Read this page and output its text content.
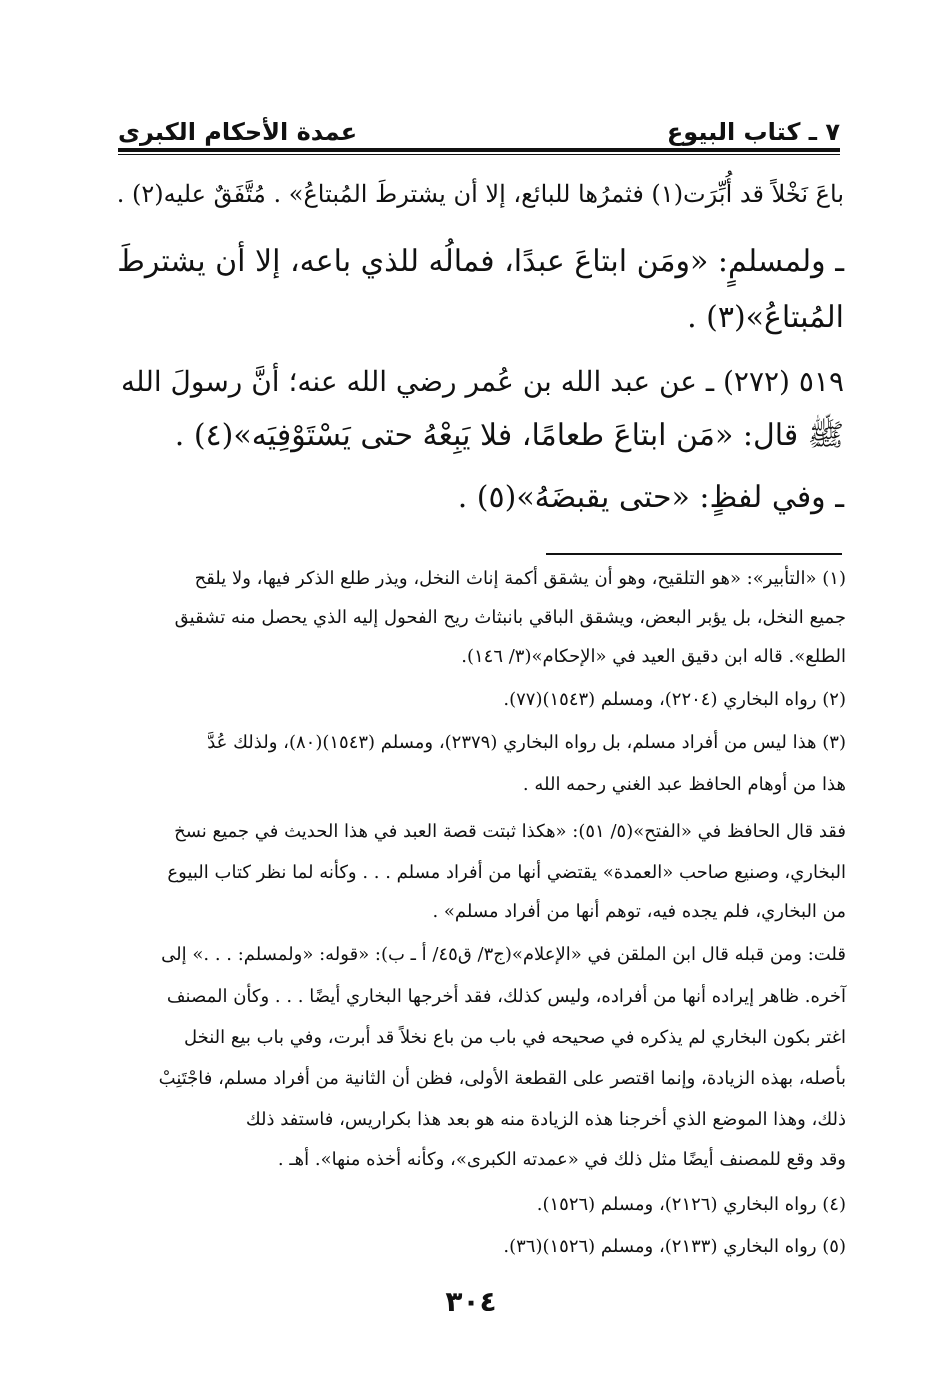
٧ ـ كتاب البيوع
عمدة الأحكام الكبرى
باعَ نَخْلاً قد أُبِّرَت(١) فثمرُها للبائع، إلا أن يشترطَ المُبتاعُ» . مُتَّفَقٌ عليه(٢) .
ـ ولمسلمٍ: «ومَن ابتاعَ عبدًا، فمالُه للذي باعه، إلا أن يشترطَ
المُبتاعُ»(٣) .
٥١٩ (٢٧٢) ـ عن عبد الله بن عُمر رضي الله عنه؛ أنَّ رسولَ الله
ﷺ قال: «مَن ابتاعَ طعامًا، فلا يَبِعْهُ حتى يَسْتَوْفِيَه»(٤) .
ـ وفي لفظٍ: «حتى يقبضَهُ»(٥) .
(١) «التأبير»: «هو التلقيح، وهو أن يشقق أكمة إناث النخل، ويذر طلع الذكر فيها، ولا يلقح
جميع النخل، بل يؤبر البعض، ويشقق الباقي بانبثاث ريح الفحول إليه الذي يحصل منه تشقيق
الطلع». قاله ابن دقيق العيد في «الإحكام»(٣/ ١٤٦).
(٢) رواه البخاري (٢٢٠٤)، ومسلم (١٥٤٣)(٧٧).
(٣) هذا ليس من أفراد مسلم، بل رواه البخاري (٢٣٧٩)، ومسلم (١٥٤٣)(٨٠)، ولذلك عُدَّ
هذا من أوهام الحافظ عبد الغني رحمه الله .
فقد قال الحافظ في «الفتح»(٥/ ٥١): «هكذا ثبتت قصة العبد في هذا الحديث في جميع نسخ
البخاري، وصنيع صاحب «العمدة» يقتضي أنها من أفراد مسلم . . . وكأنه لما نظر كتاب البيوع
من البخاري، فلم يجده فيه، توهم أنها من أفراد مسلم» .
قلت: ومن قبله قال ابن الملقن في «الإعلام»(ج٣/ ق٤٥/ أ ـ ب): «قوله: «ولمسلم: . . .» إلى
آخره. ظاهر إيراده أنها من أفراده، وليس كذلك، فقد أخرجها البخاري أيضًا . . . وكأن المصنف
اغتر بكون البخاري لم يذكره في صحيحه في باب من باع نخلاً قد أبرت، وفي باب بيع النخل
بأصله، بهذه الزيادة، وإنما اقتصر على القطعة الأولى، فظن أن الثانية من أفراد مسلم، فاجْتَنِبْ
ذلك، وهذا الموضع الذي أخرجنا هذه الزيادة منه هو بعد هذا بكراريس، فاستفد ذلك
وقد وقع للمصنف أيضًا مثل ذلك في «عمدته الكبرى»، وكأنه أخذه منها». أهـ .
(٤) رواه البخاري (٢١٢٦)، ومسلم (١٥٢٦).
(٥) رواه البخاري (٢١٣٣)، ومسلم (١٥٢٦)(٣٦).
٣٠٤
